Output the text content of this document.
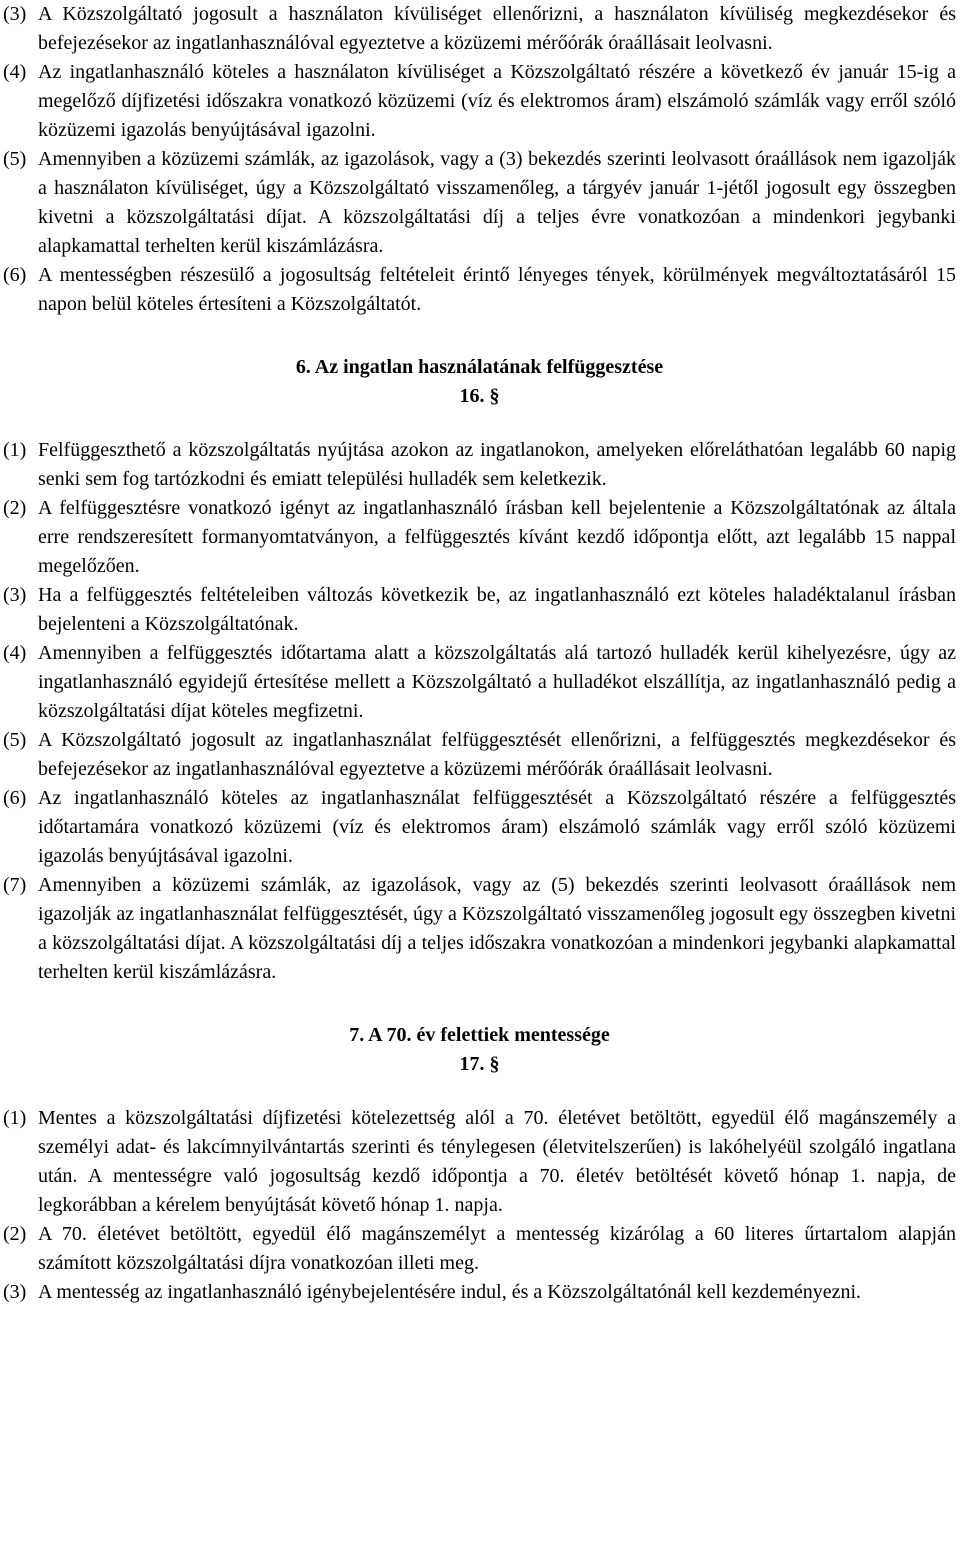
(3) A Közszolgáltató jogosult a használaton kívüliséget ellenőrizni, a használaton kívüliség megkezdésekor és befejezésekor az ingatlanhasználóval egyeztetve a közüzemi mérőórák óraállásait leolvasni.
(4) Az ingatlanhasználó köteles a használaton kívüliséget a Közszolgáltató részére a következő év január 15-ig a megelőző díjfizetési időszakra vonatkozó közüzemi (víz és elektromos áram) elszámoló számlák vagy erről szóló közüzemi igazolás benyújtásával igazolni.
(5) Amennyiben a közüzemi számlák, az igazolások, vagy a (3) bekezdés szerinti leolvasott óraállások nem igazolják a használaton kívüliséget, úgy a Közszolgáltató visszamenőleg, a tárgyév január 1-jétől jogosult egy összegben kivetni a közszolgáltatási díjat. A közszolgáltatási díj a teljes évre vonatkozóan a mindenkori jegybanki alapkamattal terhelten kerül kiszámlázásra.
(6) A mentességben részesülő a jogosultság feltételeit érintő lényeges tények, körülmények megváltoztatásáról 15 napon belül köteles értesíteni a Közszolgáltatót.
6. Az ingatlan használatának felfüggesztése
16. §
(1) Felfüggeszthető a közszolgáltatás nyújtása azokon az ingatlanokon, amelyeken előreláthatóan legalább 60 napig senki sem fog tartózkodni és emiatt települési hulladék sem keletkezik.
(2) A felfüggesztésre vonatkozó igényt az ingatlanhasználó írásban kell bejelentenie a Közszolgáltatónak az általa erre rendszeresített formanyomtatványon, a felfüggesztés kívánt kezdő időpontja előtt, azt legalább 15 nappal megelőzően.
(3) Ha a felfüggesztés feltételeiben változás következik be, az ingatlanhasználó ezt köteles haladéktalanul írásban bejelenteni a Közszolgáltatónak.
(4) Amennyiben a felfüggesztés időtartama alatt a közszolgáltatás alá tartozó hulladék kerül kihelyezésre, úgy az ingatlanhasználó egyidejű értesítése mellett a Közszolgáltató a hulladékot elszállítja, az ingatlanhasználó pedig a közszolgáltatási díjat köteles megfizetni.
(5) A Közszolgáltató jogosult az ingatlanhasználat felfüggesztését ellenőrizni, a felfüggesztés megkezdésekor és befejezésekor az ingatlanhasználóval egyeztetve a közüzemi mérőórák óraállásait leolvasni.
(6) Az ingatlanhasználó köteles az ingatlanhasználat felfüggesztését a Közszolgáltató részére a felfüggesztés időtartamára vonatkozó közüzemi (víz és elektromos áram) elszámoló számlák vagy erről szóló közüzemi igazolás benyújtásával igazolni.
(7) Amennyiben a közüzemi számlák, az igazolások, vagy az (5) bekezdés szerinti leolvasott óraállások nem igazolják az ingatlanhasználat felfüggesztését, úgy a Közszolgáltató visszamenőleg jogosult egy összegben kivetni a közszolgáltatási díjat. A közszolgáltatási díj a teljes időszakra vonatkozóan a mindenkori jegybanki alapkamattal terhelten kerül kiszámlázásra.
7. A 70. év felettiek mentessége
17. §
(1) Mentes a közszolgáltatási díjfizetési kötelezettség alól a 70. életévet betöltött, egyedül élő magánszemély a személyi adat- és lakcímnyilvántartás szerinti és ténylegesen (életvitelszerűen) is lakóhelyéül szolgáló ingatlana után. A mentességre való jogosultság kezdő időpontja a 70. életév betöltését követő hónap 1. napja, de legkorábban a kérelem benyújtását követő hónap 1. napja.
(2) A 70. életévet betöltött, egyedül élő magánszemélyt a mentesség kizárólag a 60 literes űrtartalom alapján számított közszolgáltatási díjra vonatkozóan illeti meg.
(3) A mentesség az ingatlanhasználó igénybejelentésére indul, és a Közszolgáltatónál kell kezdeményezni.
